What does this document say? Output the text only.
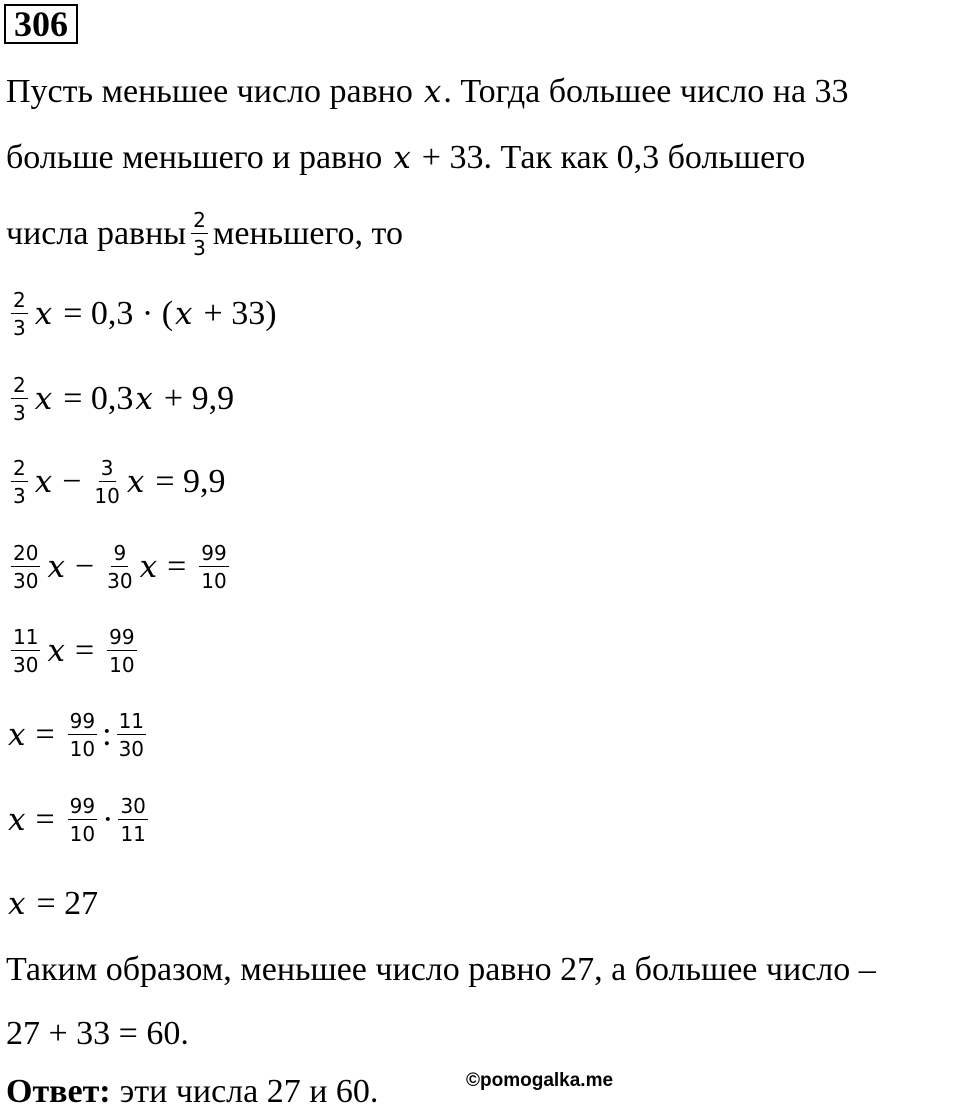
306
Пусть меньшее число равно x . Тогда большее число на 33
больше меньшего и равно x + 33. Так как 0,3 большего
числа равны $\frac{2}{3}$ меньшего, то
$\frac{2}{3}$ x = 0,3 · ( x + 33)
$\frac{2}{3}$ x = 0,3 x + 9,9
$\frac{2}{3}$ $x - \frac{3}{10}$ x = 9,9
$\frac{20}{30}$ $x - \frac{9}{30}$ $x = \frac{99}{10}$
$\frac{11}{30}$ $x = \frac{99}{10}$
$x = \frac{99}{10}$ : $\frac{11}{30}$
$x = \frac{99}{10} \cdot \frac{30}{11}$
x = 27
Таким образом, меньшее число равно 27, а большее число –
27 + 33 = 60.
Ответ: эти числа 27 и 60.	©pomogalka.me
